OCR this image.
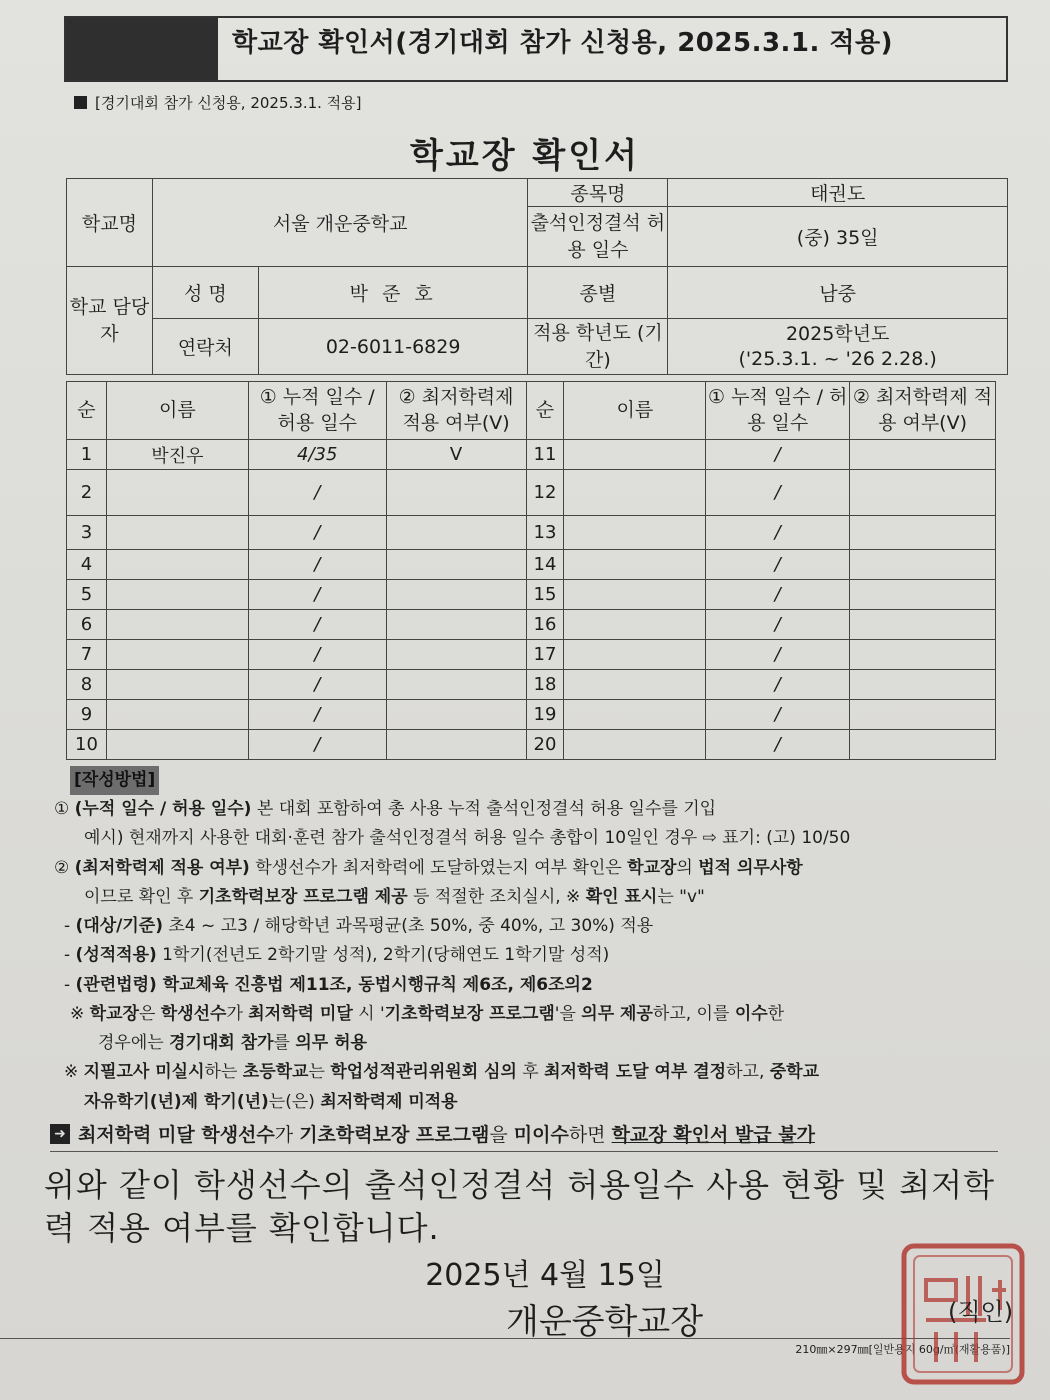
학교장 확인서(경기대회 참가 신청용, 2025.3.1. 적용)
[경기대회 참가 신청용, 2025.3.1. 적용]
학교장 확인서
학교명	서울 개운중학교		종목명	태권도
			출석인정결석 허용 일수	(중) 35일
학교 담당자	성 명	박 준 호	종별	남중
	연락처	02-6011-6829	적용 학년도 (기간)	2025학년도
('25.3.1. ~ '26 2.28.)
순	이름	① 누적 일수 / 허용 일수	② 최저학력제 적용 여부(V)	순	이름	① 누적 일수 / 허용 일수	② 최저학력제 적용 여부(V)
1	박진우	4/35	V	11		/	
2		/		12		/	
3		/		13		/	
4		/		14		/	
5		/		15		/	
6		/		16		/	
7		/		17		/	
8		/		18		/	
9		/		19		/	
10		/		20		/	

[작성방법]

① (누적 일수 / 허용 일수) 본 대회 포함하여 총 사용 누적 출석인정결석 허용 일수를 기입

예시) 현재까지 사용한 대회·훈련 참가 출석인정결석 허용 일수 총합이 10일인 경우 ⇨ 표기: (고) 10/50

② (최저학력제 적용 여부) 학생선수가 최저학력에 도달하였는지 여부 확인은 학교장의 법적 의무사항

이므로 확인 후 기초학력보장 프로그램 제공 등 적절한 조치실시, ※ 확인 표시는 "v"

- (대상/기준) 초4 ~ 고3 / 해당학년 과목평균(초 50%, 중 40%, 고 30%) 적용

- (성적적용) 1학기(전년도 2학기말 성적), 2학기(당해연도 1학기말 성적)

- (관련법령) 학교체육 진흥법 제11조, 동법시행규칙 제6조, 제6조의2

※ 학교장은 학생선수가 최저학력 미달 시 '기초학력보장 프로그램'을 의무 제공하고, 이를 이수한

경우에는 경기대회 참가를 의무 허용

※ 지필고사 미실시하는 초등학교는 학업성적관리위원회 심의 후 최저학력 도달 여부 결정하고, 중학교

자유학기(년)제 학기(년)는(은) 최저학력제 미적용

➜ 최저학력 미달 학생선수가 기초학력보장 프로그램을 미이수하면 학교장 확인서 발급 불가
위와 같이 학생선수의 출석인정결석 허용일수 사용 현황 및 최저학력 적용 여부를 확인합니다.
2025년 4월 15일
개운중학교장
210㎜×297㎜[일반용지 60g/㎡(재활용품)]
(직인)
